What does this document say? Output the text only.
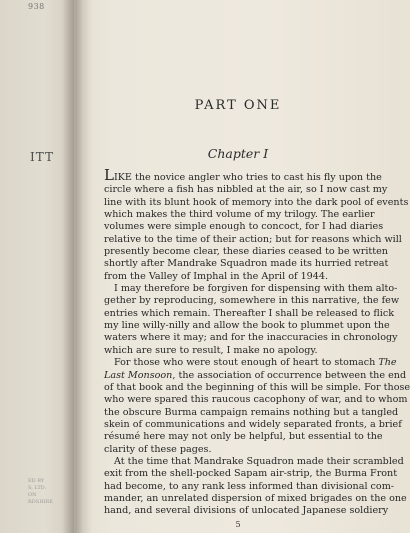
938
ITT
ED BY
S, LTD.
ON
RDSHIRE
PART ONE
Chapter I
LIKE the novice angler who tries to cast his fly upon the
circle where a fish has nibbled at the air, so I now cast my
line with its blunt hook of memory into the dark pool of events
which makes the third volume of my trilogy. The earlier
volumes were simple enough to concoct, for I had diaries
relative to the time of their action; but for reasons which will
presently become clear, these diaries ceased to be written
shortly after Mandrake Squadron made its hurried retreat
from the Valley of Imphal in the April of 1944.
I may therefore be forgiven for dispensing with them alto-
gether by reproducing, somewhere in this narrative, the few
entries which remain. Thereafter I shall be released to flick
my line willy-nilly and allow the book to plummet upon the
waters where it may; and for the inaccuracies in chronology
which are sure to result, I make no apology.
For those who were stout enough of heart to stomach The
Last Monsoon, the association of occurrence between the end
of that book and the beginning of this will be simple. For those
who were spared this raucous cacophony of war, and to whom
the obscure Burma campaign remains nothing but a tangled
skein of communications and widely separated fronts, a brief
résumé here may not only be helpful, but essential to the
clarity of these pages.
At the time that Mandrake Squadron made their scrambled
exit from the shell-pocked Sapam air-strip, the Burma Front
had become, to any rank less informed than divisional com-
mander, an unrelated dispersion of mixed brigades on the one
hand, and several divisions of unlocated Japanese soldiery
5
